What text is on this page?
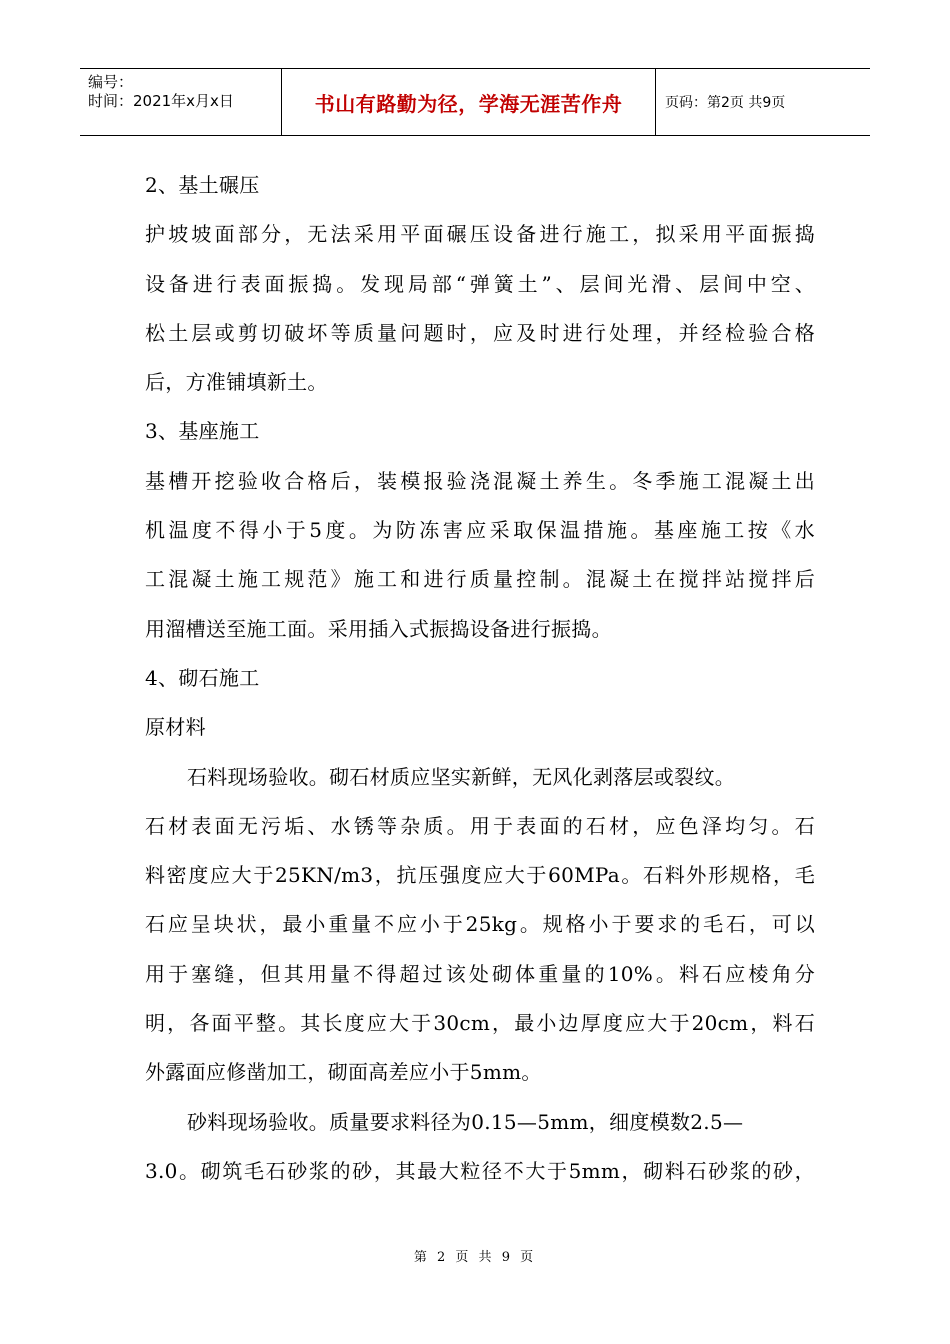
编号：
时间：2021年x月x日	书山有路勤为径，学海无涯苦作舟	页码：第2页 共9页
2、基土碾压
护坡坡面部分，无法采用平面碾压设备进行施工，拟采用平面振捣
设备进行表面振捣。发现局部“弹簧土”、层间光滑、层间中空、
松土层或剪切破坏等质量问题时，应及时进行处理，并经检验合格
后，方准铺填新土。
3、基座施工
基槽开挖验收合格后，装模报验浇混凝土养生。冬季施工混凝土出
机温度不得小于5度。为防冻害应采取保温措施。基座施工按《水
工混凝土施工规范》施工和进行质量控制。混凝土在搅拌站搅拌后
用溜槽送至施工面。采用插入式振捣设备进行振捣。
4、砌石施工
原材料
石料现场验收。砌石材质应坚实新鲜，无风化剥落层或裂纹。
石材表面无污垢、水锈等杂质。用于表面的石材，应色泽均匀。石
料密度应大于25KN/m3，抗压强度应大于60MPa。石料外形规格，毛
石应呈块状，最小重量不应小于25kg。规格小于要求的毛石，可以
用于塞缝，但其用量不得超过该处砌体重量的10%。料石应棱角分
明，各面平整。其长度应大于30cm，最小边厚度应大于20cm，料石
外露面应修凿加工，砌面高差应小于5mm。
砂料现场验收。质量要求料径为0.15—5mm，细度模数2.5—
3.0。砌筑毛石砂浆的砂，其最大粒径不大于5mm，砌料石砂浆的砂，
第 2 页 共 9 页
